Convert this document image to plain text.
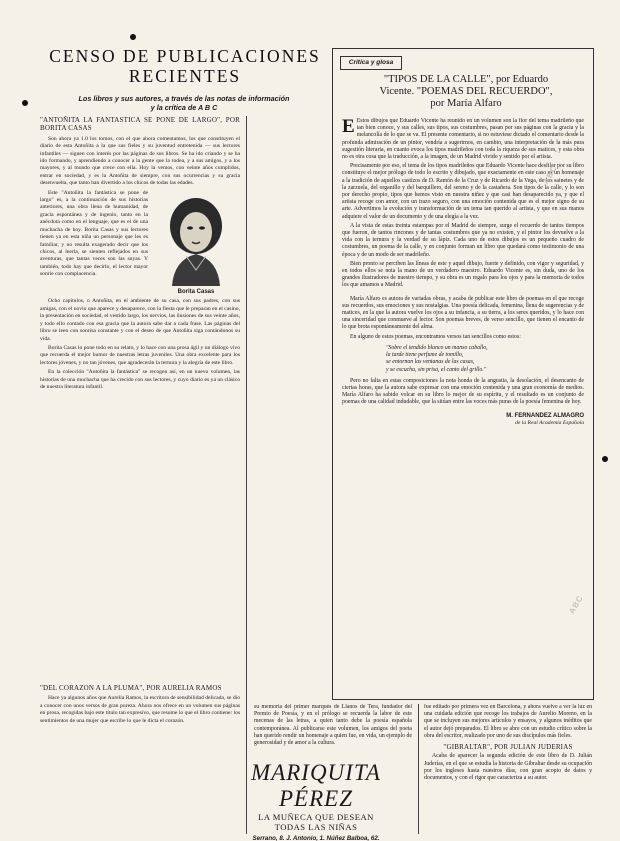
CENSO DE PUBLICACIONES
RECIENTES
Los libros y sus autores, a través de las notas de información
y la crítica de A B C
"ANTOÑITA LA FANTASTICA SE PONE DE LARGO", POR BORITA CASAS

Son ahora ya 1.0 los tomos, con el que ahora comentamos, los que constituyen el diario de esta Antoñita a la que sus fieles y su juventud entretenida — sus lectores infantiles — siguen con interés por las páginas de sus libros. Se ha ido criando y se ha ido formando, y aprendiendo a conocer a la gente que la rodea, y a sus amigos, y a los mayores, y al mundo que crece con ella. Hoy la vemos, con veinte años cumplidos, entrar en sociedad, y es la Antoñita de siempre, con sus ocurrencias y su gracia desenvuelta, que tanto han divertido a los chicos de todas las edades.

Este "Antoñita la fantástica se pone de largo" es, a la continuación de sus historias anteriores, una obra llena de humanidad, de gracia espontánea y de ingenio, tanto en la anécdota como en el lenguaje, que es el de una muchacha de hoy. Borita Casas y sus lectores tienen ya en esta niña un personaje que les es familiar, y no resulta exagerado decir que los chicos, al leerla, se sienten reflejados en sus aventuras, que tantas veces son las suyas. Y también, todo hay que decirlo, el lector mayor sonríe con complacencia.

Borita Casas

Ocho capítulos, o Antoñita, en el ambiente de su casa, con sus padres, con sus amigas, con el novio que aparece y desaparece, con la fiesta que le preparan en el casino, la presentación en sociedad, el vestido largo, los nervios, las ilusiones de sus veinte años, y todo ello contado con esa gracia que la autora sabe dar a cada frase. Las páginas del libro se leen con sonrisa constante y con el deseo de que Antoñita siga contándonos su vida.

Borita Casas lo pone todo en su relato, y lo hace con una prosa ágil y un diálogo vivo que recuerda el mejor humor de nuestras letras juveniles. Una obra excelente para los lectores jóvenes, y no tan jóvenes, que agradecerán la ternura y la alegría de este libro.

En la colección "Antoñita la fantástica" se recogen así, en un nuevo volumen, las historias de una muchacha que ha crecido con sus lectores, y cuyo diario es ya un clásico de nuestra literatura infantil.

"DEL CORAZON A LA PLUMA", POR AURELIA RAMOS

Hace ya algunos años que Aurelia Ramos, la escritora de sensibilidad delicada, se dio a conocer con unos versos de gran pureza. Ahora nos ofrece en un volumen sus páginas en prosa, recogidas bajo este título tan expresivo, que resume lo que el libro contiene: los sentimientos de una mujer que escribe lo que le dicta el corazón.

Crítica y glosa
"TIPOS DE LA CALLE", por Eduardo
Vicente. "POEMAS DEL RECUERDO",
por María Alfaro

E Estos dibujos que Eduardo Vicente ha reunido en un volumen son la flor del tema madrileño que tan bien conoce, y sus calles, sus tipos, sus costumbres, pasan por sus páginas con la gracia y la melancolía de lo que se va. El presente comentario, si no estuviese dictado el comentario desde la profunda admiración de un pintor, vendría a sugerirnos, en cambio, una interpretación de la más pura sugestión literaria, en cuanto evoca los tipos madrileños con toda la riqueza de sus matices, y esta obra no es otra cosa que la traducción, a la imagen, de un Madrid vivido y sentido por el artista.

Precisamente por eso, el tema de los tipos madrileños que Eduardo Vicente hace desfilar por su libro constituye el mejor prólogo de todo lo escrito y dibujado, que exactamente en este caso es un homenaje a la tradición de aquellos castizos de D. Ramón de la Cruz y de Ricardo de la Vega, de los sainetes y de la zarzuela, del organillo y del barquillero, del sereno y de la castañera. Son tipos de la calle, y lo son por derecho propio, tipos que hemos visto en nuestra niñez y que casi han desaparecido ya, y que el artista recoge con amor, con un trazo seguro, con una emoción contenida que es el mejor signo de su arte. Advertimos la evolución y transformación de un tema tan querido al artista, y que en sus manos adquiere el valor de un documento y de una elegía a la vez.

A la vista de estas treinta estampas por el Madrid de siempre, surge el recuerdo de tantos tiempos que fueron, de tantos rincones y de tantas costumbres que ya no existen, y el pintor los devuelve a la vida con la ternura y la verdad de su lápiz. Cada uno de estos dibujos es un pequeño cuadro de costumbres, un poema de la calle, y en conjunto forman un libro que quedará como testimonio de una época y de un modo de ser madrileño.

Bien pronto se perciben las líneas de este y aquel dibujo, fuerte y definido, con vigor y seguridad, y en todos ellos se nota la mano de un verdadero maestro. Eduardo Vicente es, sin duda, uno de los grandes ilustradores de nuestro tiempo, y su obra es un regalo para los ojos y para la memoria de todos los que amamos a Madrid.

María Alfaro es autora de variadas obras, y acaba de publicar este libro de poemas en el que recoge sus recuerdos, sus emociones y sus nostalgias. Una poesía delicada, femenina, llena de sugerencias y de matices, en la que la autora vuelve los ojos a su infancia, a su tierra, a los seres queridos, y lo hace con una sinceridad que conmueve al lector. Son poemas breves, de verso sencillo, que tienen el encanto de lo que brota espontáneamente del alma.

En alguno de estos poemas, encontramos versos tan sencillos como estos:

"Sobre el tendido blanco un manso caballo,
la tarde tiene perfume de tomillo,
se entornan las ventanas de las casas,
y se escucha, sin prisa, el canto del grillo."

Pero no falta en estas composiciones la nota honda de la angustia, la desolación, el desencanto de ciertas horas, que la autora sabe expresar con una emoción contenida y una gran economía de medios. María Alfaro ha sabido volcar en su libro lo mejor de su espíritu, y el resultado es un conjunto de poemas de una calidad indudable, que la sitúan entre las voces más puras de la poesía femenina de hoy.

M. FERNANDEZ ALMAGRO
de la Real Academia Española

su memoria del primer marqués de Llanos de Tera, fundador del Premio de Poesía, y en el prólogo se recuerda la labor de este mecenas de las letras, a quien tanto debe la poesía española contemporánea. Al publicarse este volumen, los amigos del poeta han querido rendir un homenaje a quien fue, en vida, un ejemplo de generosidad y de amor a la cultura.

fue editado por primera vez en Barcelona, y ahora vuelve a ver la luz en una cuidada edición que recoge los trabajos de Aurelio Moreno, en la que se incluyen sus mejores artículos y ensayos, y algunos inéditos que el autor dejó preparados. El libro se abre con un estudio crítico sobre la obra del escritor, realizado por uno de sus discípulos más fieles.

"GIBRALTAR", POR JULIAN JUDERIAS

Acaba de aparecer la segunda edición de este libro de D. Julián Juderías, en el que se estudia la historia de Gibraltar desde su ocupación por los ingleses hasta nuestros días, con gran acopio de datos y documentos, y con el rigor que caracteriza a su autor.

MARIQUITA PÉREZ
LA MUÑECA QUE DESEAN
TODAS LAS NIÑAS
Serrano, 8. J. Antonio, 1. Núñez Balboa, 62.
ABC
ABC
